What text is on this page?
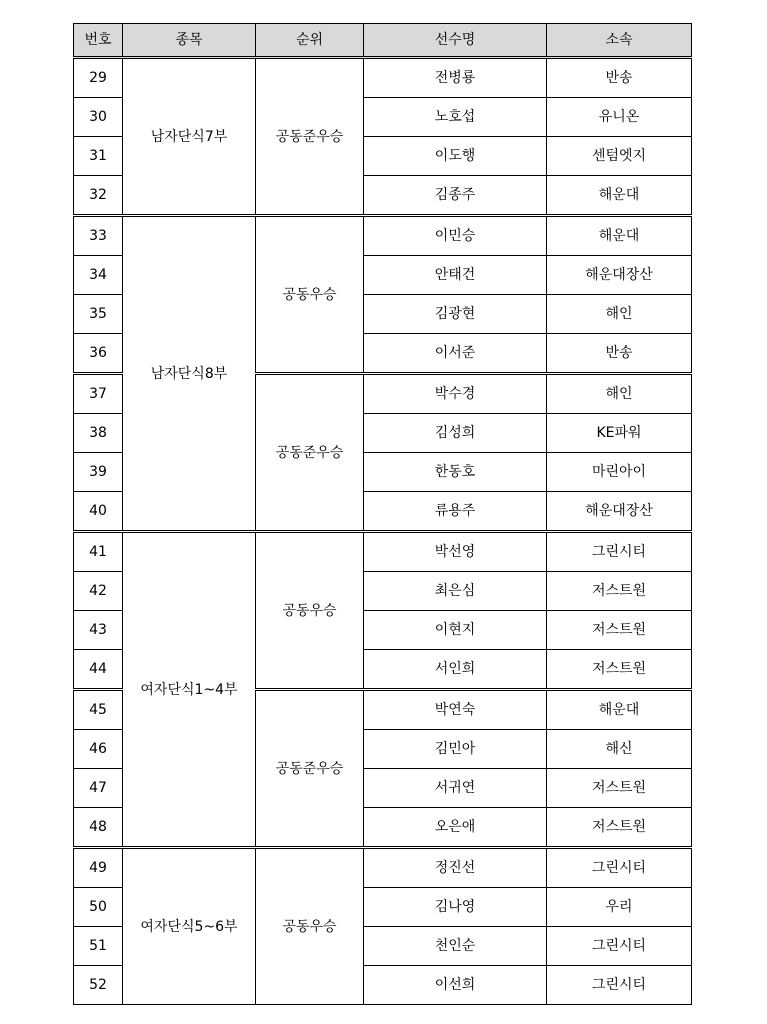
번호	종목	순위	선수명	소속
29	남자단식7부	공동준우승	전병룡	반송
30			노호섭	유니온
31			이도행	센텀엣지
32			김종주	해운대
33	남자단식8부	공동우승	이민승	해운대
34			안태건	해운대장산
35			김광현	해인
36			이서준	반송
37		공동준우승	박수경	해인
38			김성희	KE파워
39			한동호	마린아이
40			류용주	해운대장산
41	여자단식1~4부	공동우승	박선영	그린시티
42			최은심	저스트원
43			이현지	저스트원
44			서인희	저스트원
45		공동준우승	박연숙	해운대
46			김민아	해신
47			서귀연	저스트원
48			오은애	저스트원
49	여자단식5~6부	공동우승	정진선	그린시티
50			김나영	우리
51			천인순	그린시티
52			이선희	그린시티
